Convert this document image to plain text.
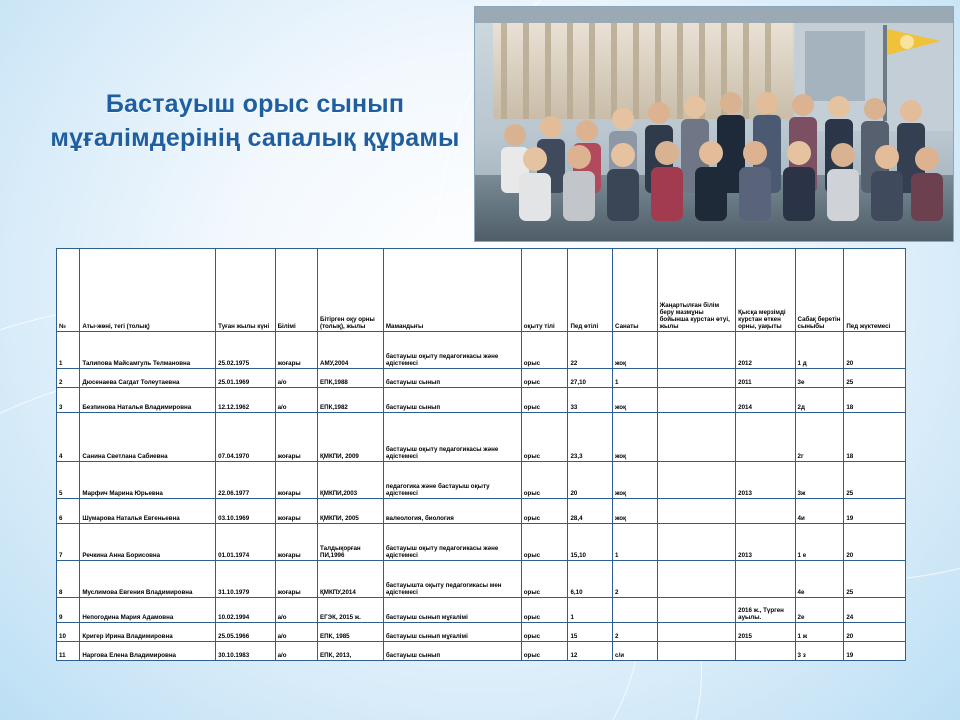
Бастауыш орыс сынып мұғалімдерінің сапалық құрамы
№	Аты-жөні, тегі (толық)	Туған жылы күні	Білімі	Бітірген оқу орны (толық), жылы	Мамандығы	оқыту тілі	Пед өтілі	Санаты	Жаңартылған білім беру мазмұны бойынша курстан өтуі, жылы	Қысқа мерзімді курстан өткен орны, уақыты	Сабақ беретін сыныбы	Пед жүктемесі
1	Талипова Майсамгуль Телмановна	25.02.1975	жоғары	АМУ,2004	бастауыш оқыту педагогикасы және әдістемесі	орыс	22	жоқ		2012	1 д	20
2	Дюсенаева Сагдат Толеутаевна	25.01.1969	а/о	ЕПК,1988	бастауыш сынып	орыс	27,10	1		2011	3е	25
3	Безпинова Наталья Владимировна	12.12.1962	а/о	ЕПК,1982	бастауыш сынып	орыс	33	жоқ		2014	2д	18
4	Санина Светлана Сабиевна	07.04.1970	жоғары	ҚМКПИ, 2009	бастауыш оқыту педагогикасы және әдістемесі	орыс	23,3	жоқ			2г	18
5	Марфич Марина Юрьевна	22.06.1977	жоғары	ҚМКПИ,2003	педагогика және бастауыш оқыту әдістемесі	орыс	20	жоқ		2013	3ж	25
6	Шумарова Наталья Евгеньевна	03.10.1969	жоғары	ҚМКПИ, 2005	валеология, биология	орыс	28,4	жоқ			4и	19
7	Речкина Анна Борисовна	01.01.1974	жоғары	Талдықорған ПИ,1996	бастауыш оқыту педагогикасы және әдістемесі	орыс	15,10	1		2013	1 е	20
8	Муслимова Евгения Владимировна	31.10.1979	жоғары	ҚМКПУ,2014	бастауышта оқыту педагогикасы мен әдістемесі	орыс	6,10	2			4е	25
9	Непогодина Мария Адамовна	10.02.1994	а/о	ЕГЭК, 2015 ж.	бастауыш сынып мұғалімі	орыс	1			2016 ж., Түрген ауылы.	2е	24
10	Кригер Ирина Владимировна	25.05.1966	а/о	ЕПК, 1985	бастауыш сынып мұғалімі	орыс	15	2		2015	1 ж	20
11	Наргова Елена Владимировна	30.10.1983	а/о	ЕПК, 2013,	бастауыш сынып	орыс	12	с/и			3 з	19
